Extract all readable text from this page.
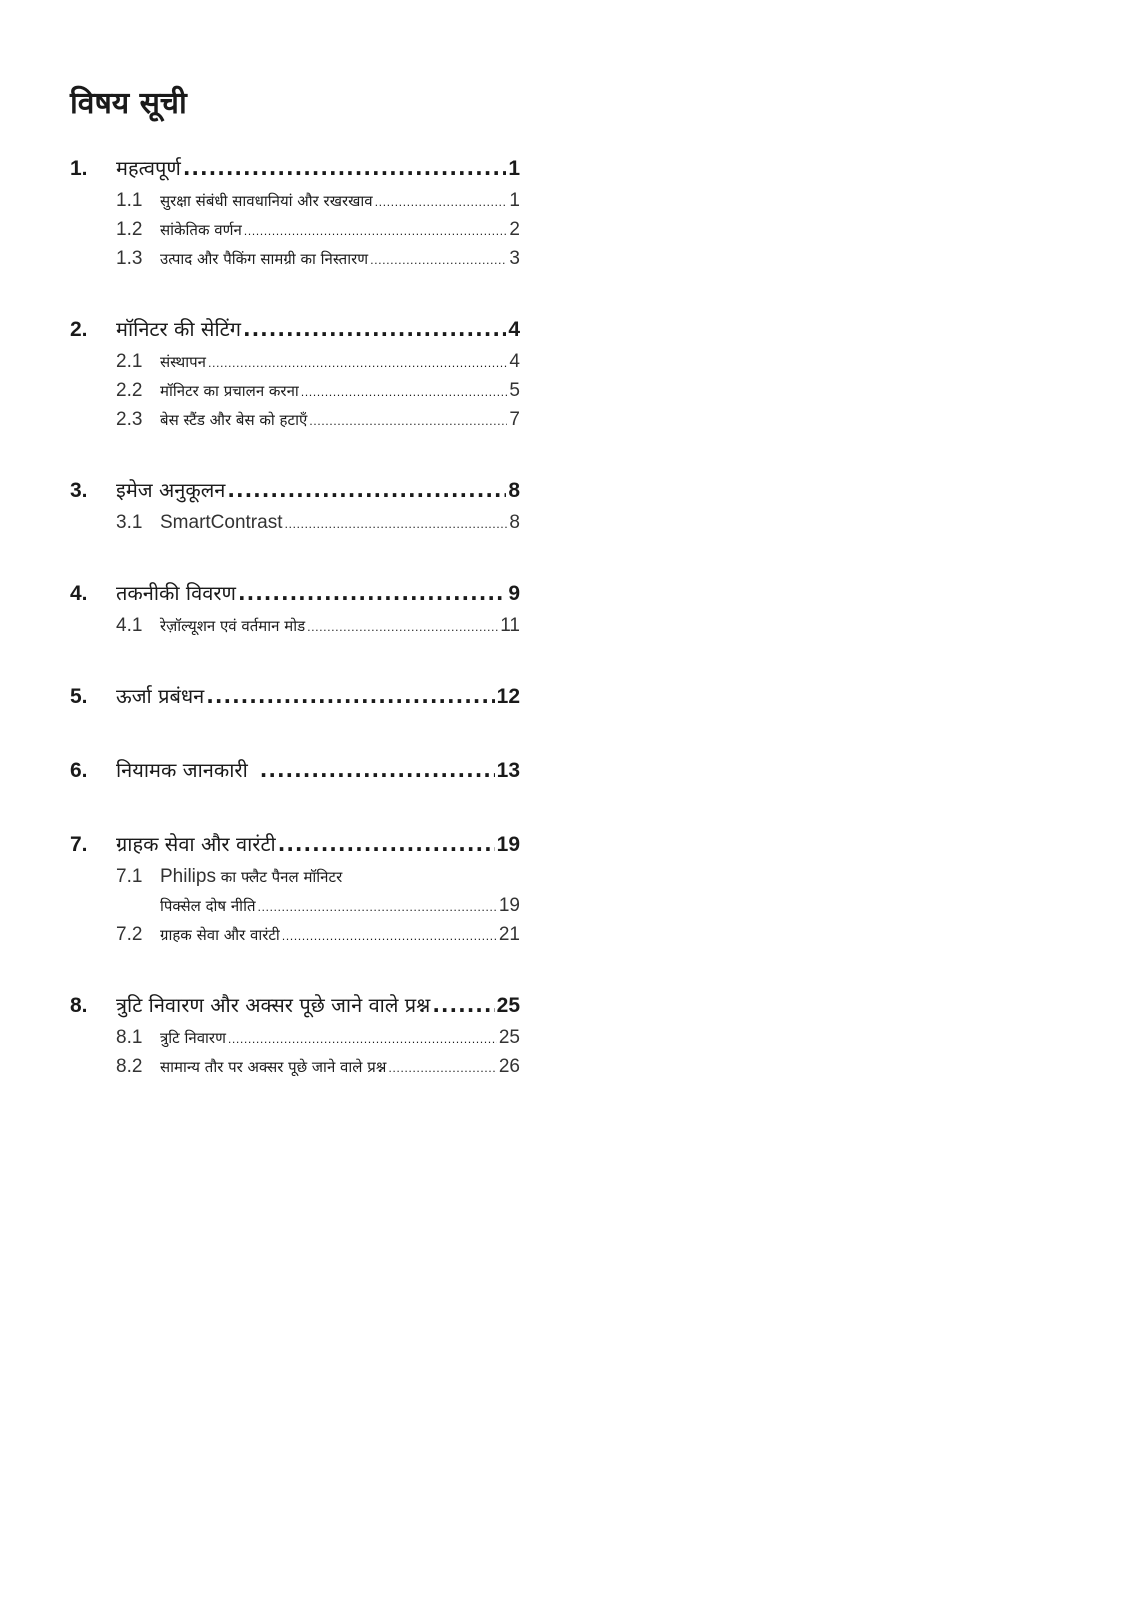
विषय सूची
1.	महत्वपूर्ण .....	1
1.1	सुरक्षा संबंधी सावधानियां और रखरखाव .....	1
1.2	सांकेतिक वर्णन .....	2
1.3	उत्पाद और पैकिंग सामग्री का निस्तारण .....	3
2.	मॉनिटर की सेटिंग .....	4
2.1	संस्थापन .....	4
2.2	मॉनिटर का प्रचालन करना .....	5
2.3	बेस स्टैंड और बेस को हटाएँ .....	7
3.	इमेज अनुकूलन .....	8
3.1 SmartContrast .....	8
4.	तकनीकी विवरण .....	9
4.1	रेज़ॉल्यूशन एवं वर्तमान मोड .....	11
5.	ऊर्जा प्रबंधन .....	12
6.	नियामक जानकारी .....	13
7.	ग्राहक सेवा और वारंटी .....	19
7.1 Philips का फ्लैट पैनल मॉनिटर
पिक्सेल दोष नीति .....	19
7.2	ग्राहक सेवा और वारंटी .....	21
8.	त्रुटि निवारण और अक्सर पूछे जाने वाले प्रश्न .....	25
8.1	त्रुटि निवारण .....	25
8.2	सामान्य तौर पर अक्सर पूछे जाने वाले प्रश्न .....	26
